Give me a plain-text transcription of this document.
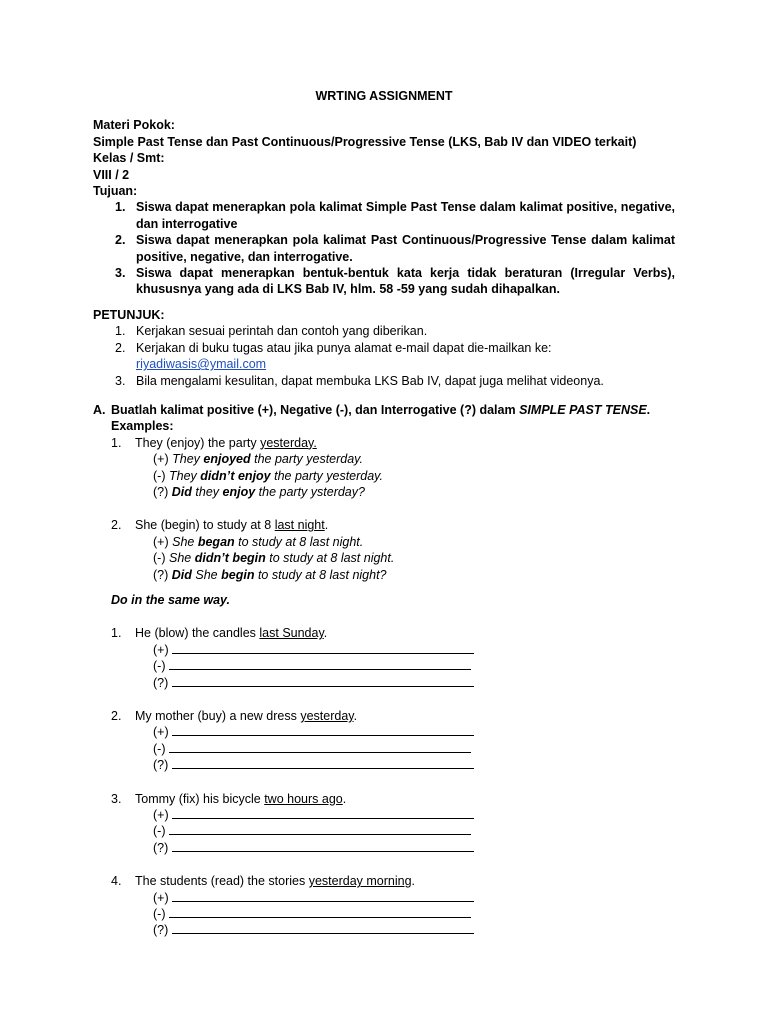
WRTING ASSIGNMENT
Materi Pokok:
Simple Past Tense dan Past Continuous/Progressive Tense (LKS, Bab IV dan VIDEO terkait)
Kelas / Smt:
VIII / 2
Tujuan:
1. Siswa dapat menerapkan pola kalimat Simple Past Tense dalam kalimat positive, negative, dan interrogative
2. Siswa dapat menerapkan pola kalimat Past Continuous/Progressive Tense dalam kalimat positive, negative, dan interrogative.
3. Siswa dapat menerapkan bentuk-bentuk kata kerja tidak beraturan (Irregular Verbs), khususnya yang ada di LKS Bab IV, hlm. 58 -59 yang sudah dihapalkan.
PETUNJUK:
1. Kerjakan sesuai perintah dan contoh yang diberikan.
2. Kerjakan di buku tugas atau jika punya alamat e-mail dapat die-mailkan ke:
riyadiwasis@ymail.com
3. Bila mengalami kesulitan, dapat membuka LKS Bab IV, dapat juga melihat videonya.
A. Buatlah kalimat positive (+), Negative (-), dan Interrogative (?) dalam SIMPLE PAST TENSE.
Examples:
1.	They (enjoy) the party yesterday.
(+) They enjoyed the party yesterday.
(-) They didn’t enjoy the party yesterday.
(?) Did they enjoy the party ysterday?
2.	She (begin) to study at 8 last night.
(+) She began to study at 8 last night.
(-) She didn’t begin to study at 8 last night.
(?) Did She begin to study at 8 last night?
Do in the same way.
1.	He (blow) the candles last Sunday.
(+)
(-)
(?)
2.	My mother (buy) a new dress yesterday.
(+)
(-)
(?)
3.	Tommy (fix) his bicycle two hours ago.
(+)
(-)
(?)
4.	The students (read) the stories yesterday morning.
(+)
(-)
(?)
